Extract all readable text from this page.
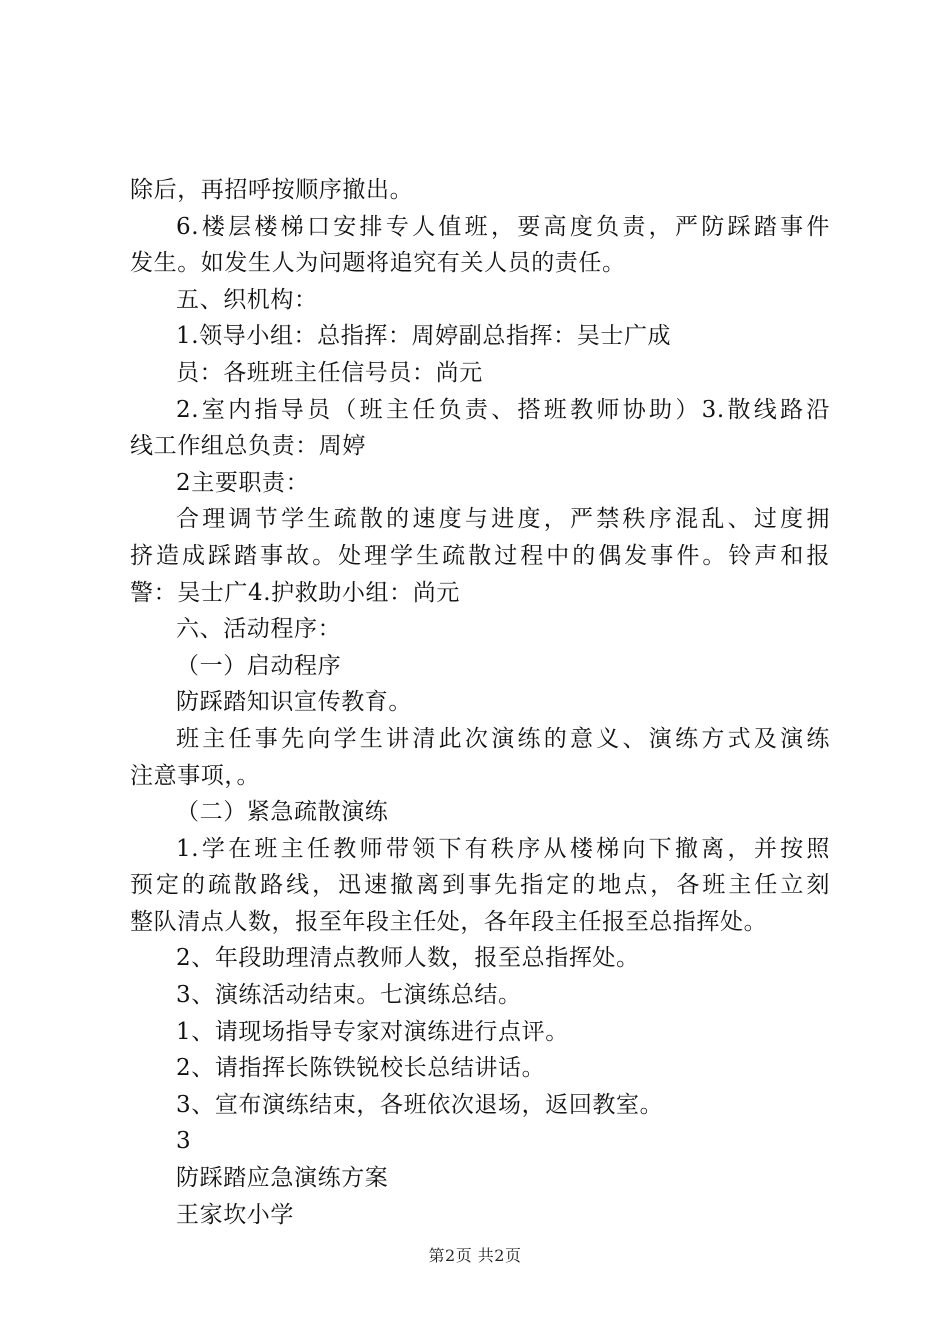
除后，再招呼按顺序撤出。
6.楼层楼梯口安排专人值班，要高度负责，严防踩踏事件
发生。如发生人为问题将追究有关人员的责任。
五、织机构：
1.领导小组：总指挥：周婷副总指挥：吴士广成
员：各班班主任信号员：尚元
2.室内指导员（班主任负责、搭班教师协助）3.散线路沿
线工作组总负责：周婷
2主要职责：
合理调节学生疏散的速度与进度，严禁秩序混乱、过度拥
挤造成踩踏事故。处理学生疏散过程中的偶发事件。铃声和报
警：吴士广4.护救助小组：尚元
六、活动程序：
（一）启动程序
防踩踏知识宣传教育。
班主任事先向学生讲清此次演练的意义、演练方式及演练
注意事项，。
（二）紧急疏散演练
1.学在班主任教师带领下有秩序从楼梯向下撤离，并按照
预定的疏散路线，迅速撤离到事先指定的地点，各班主任立刻
整队清点人数，报至年段主任处，各年段主任报至总指挥处。
2、年段助理清点教师人数，报至总指挥处。
3、演练活动结束。七演练总结。
1、请现场指导专家对演练进行点评。
2、请指挥长陈铁锐校长总结讲话。
3、宣布演练结束，各班依次退场，返回教室。
3
防踩踏应急演练方案
王家坎小学
第2页 共2页
